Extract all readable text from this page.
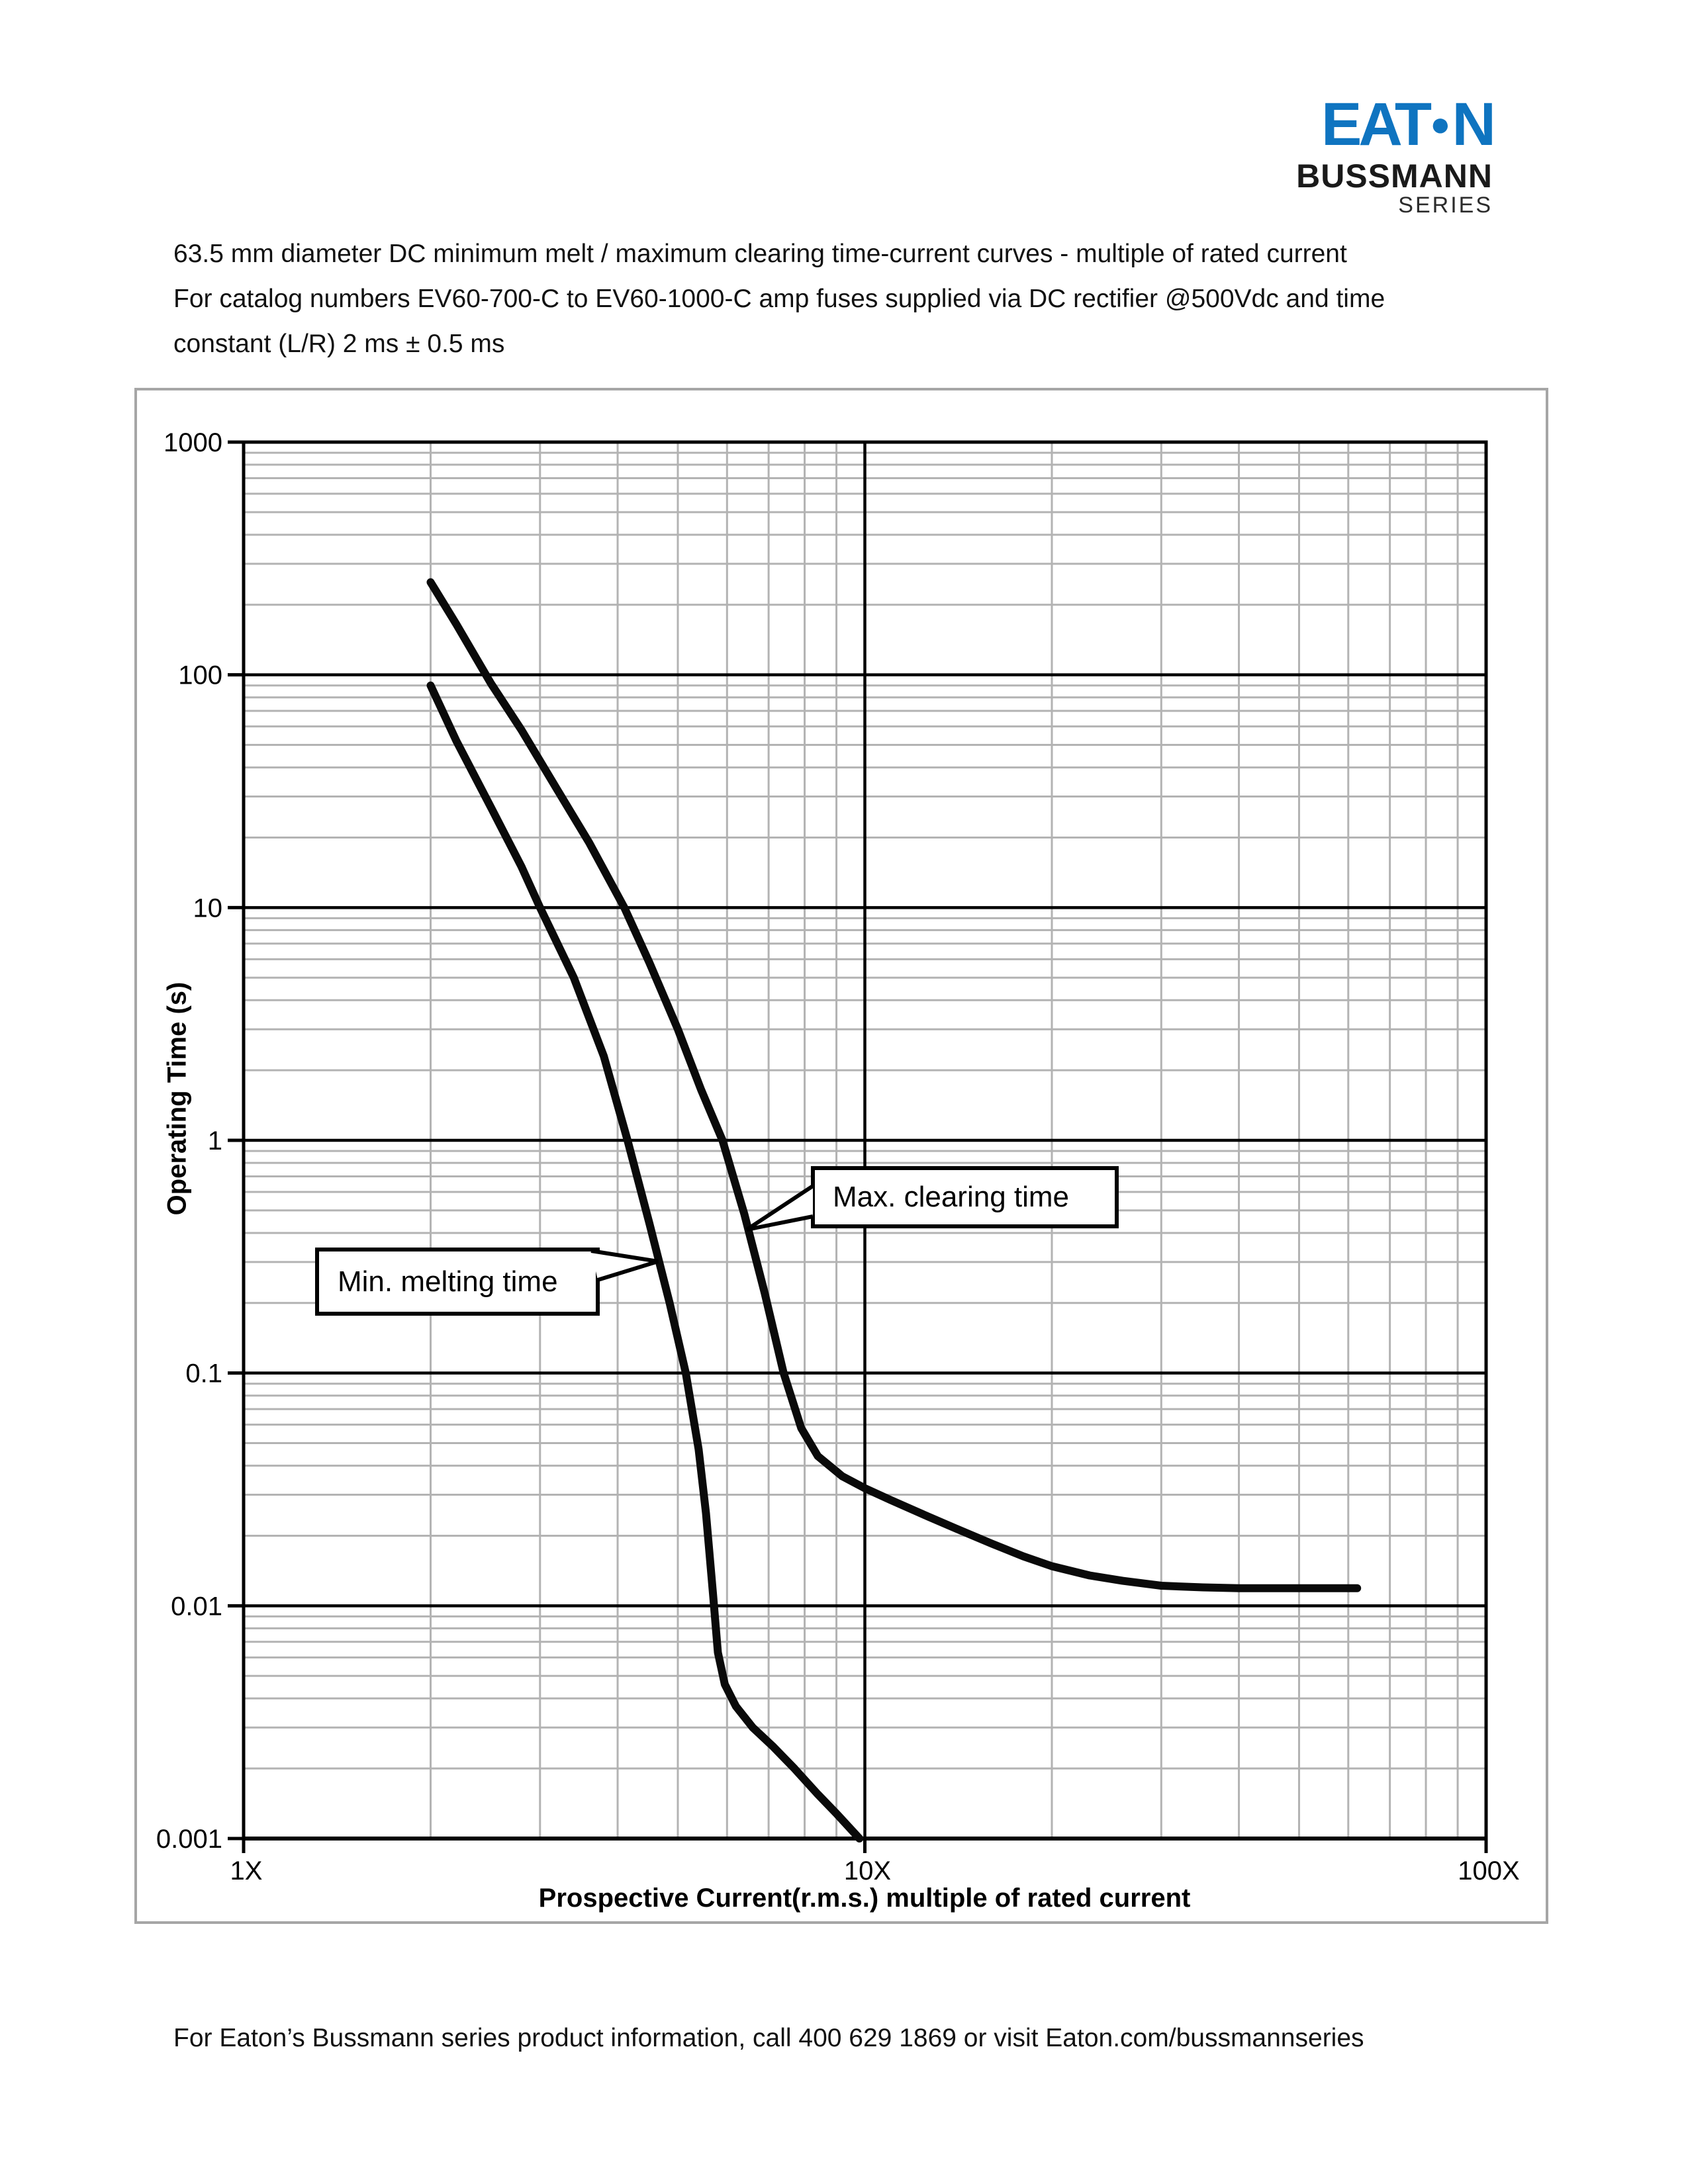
1000
100
10
1
0.1
0.01
0.001
1X	10X	100X
EAT●N
BUSSMANN
SERIES
63.5 mm diameter DC minimum melt / maximum clearing time-current curves - multiple of rated current
For catalog numbers EV60-700-C to EV60-1000-C amp fuses supplied via DC rectifier @500Vdc and time
constant (L/R) 2 ms ± 0.5 ms
Operating Time (s)
Prospective Current(r.m.s.) multiple of rated current
Max. clearing time
Min. melting time
For Eaton’s Bussmann series product information, call 400 629 1869 or visit Eaton.com/bussmannseries
